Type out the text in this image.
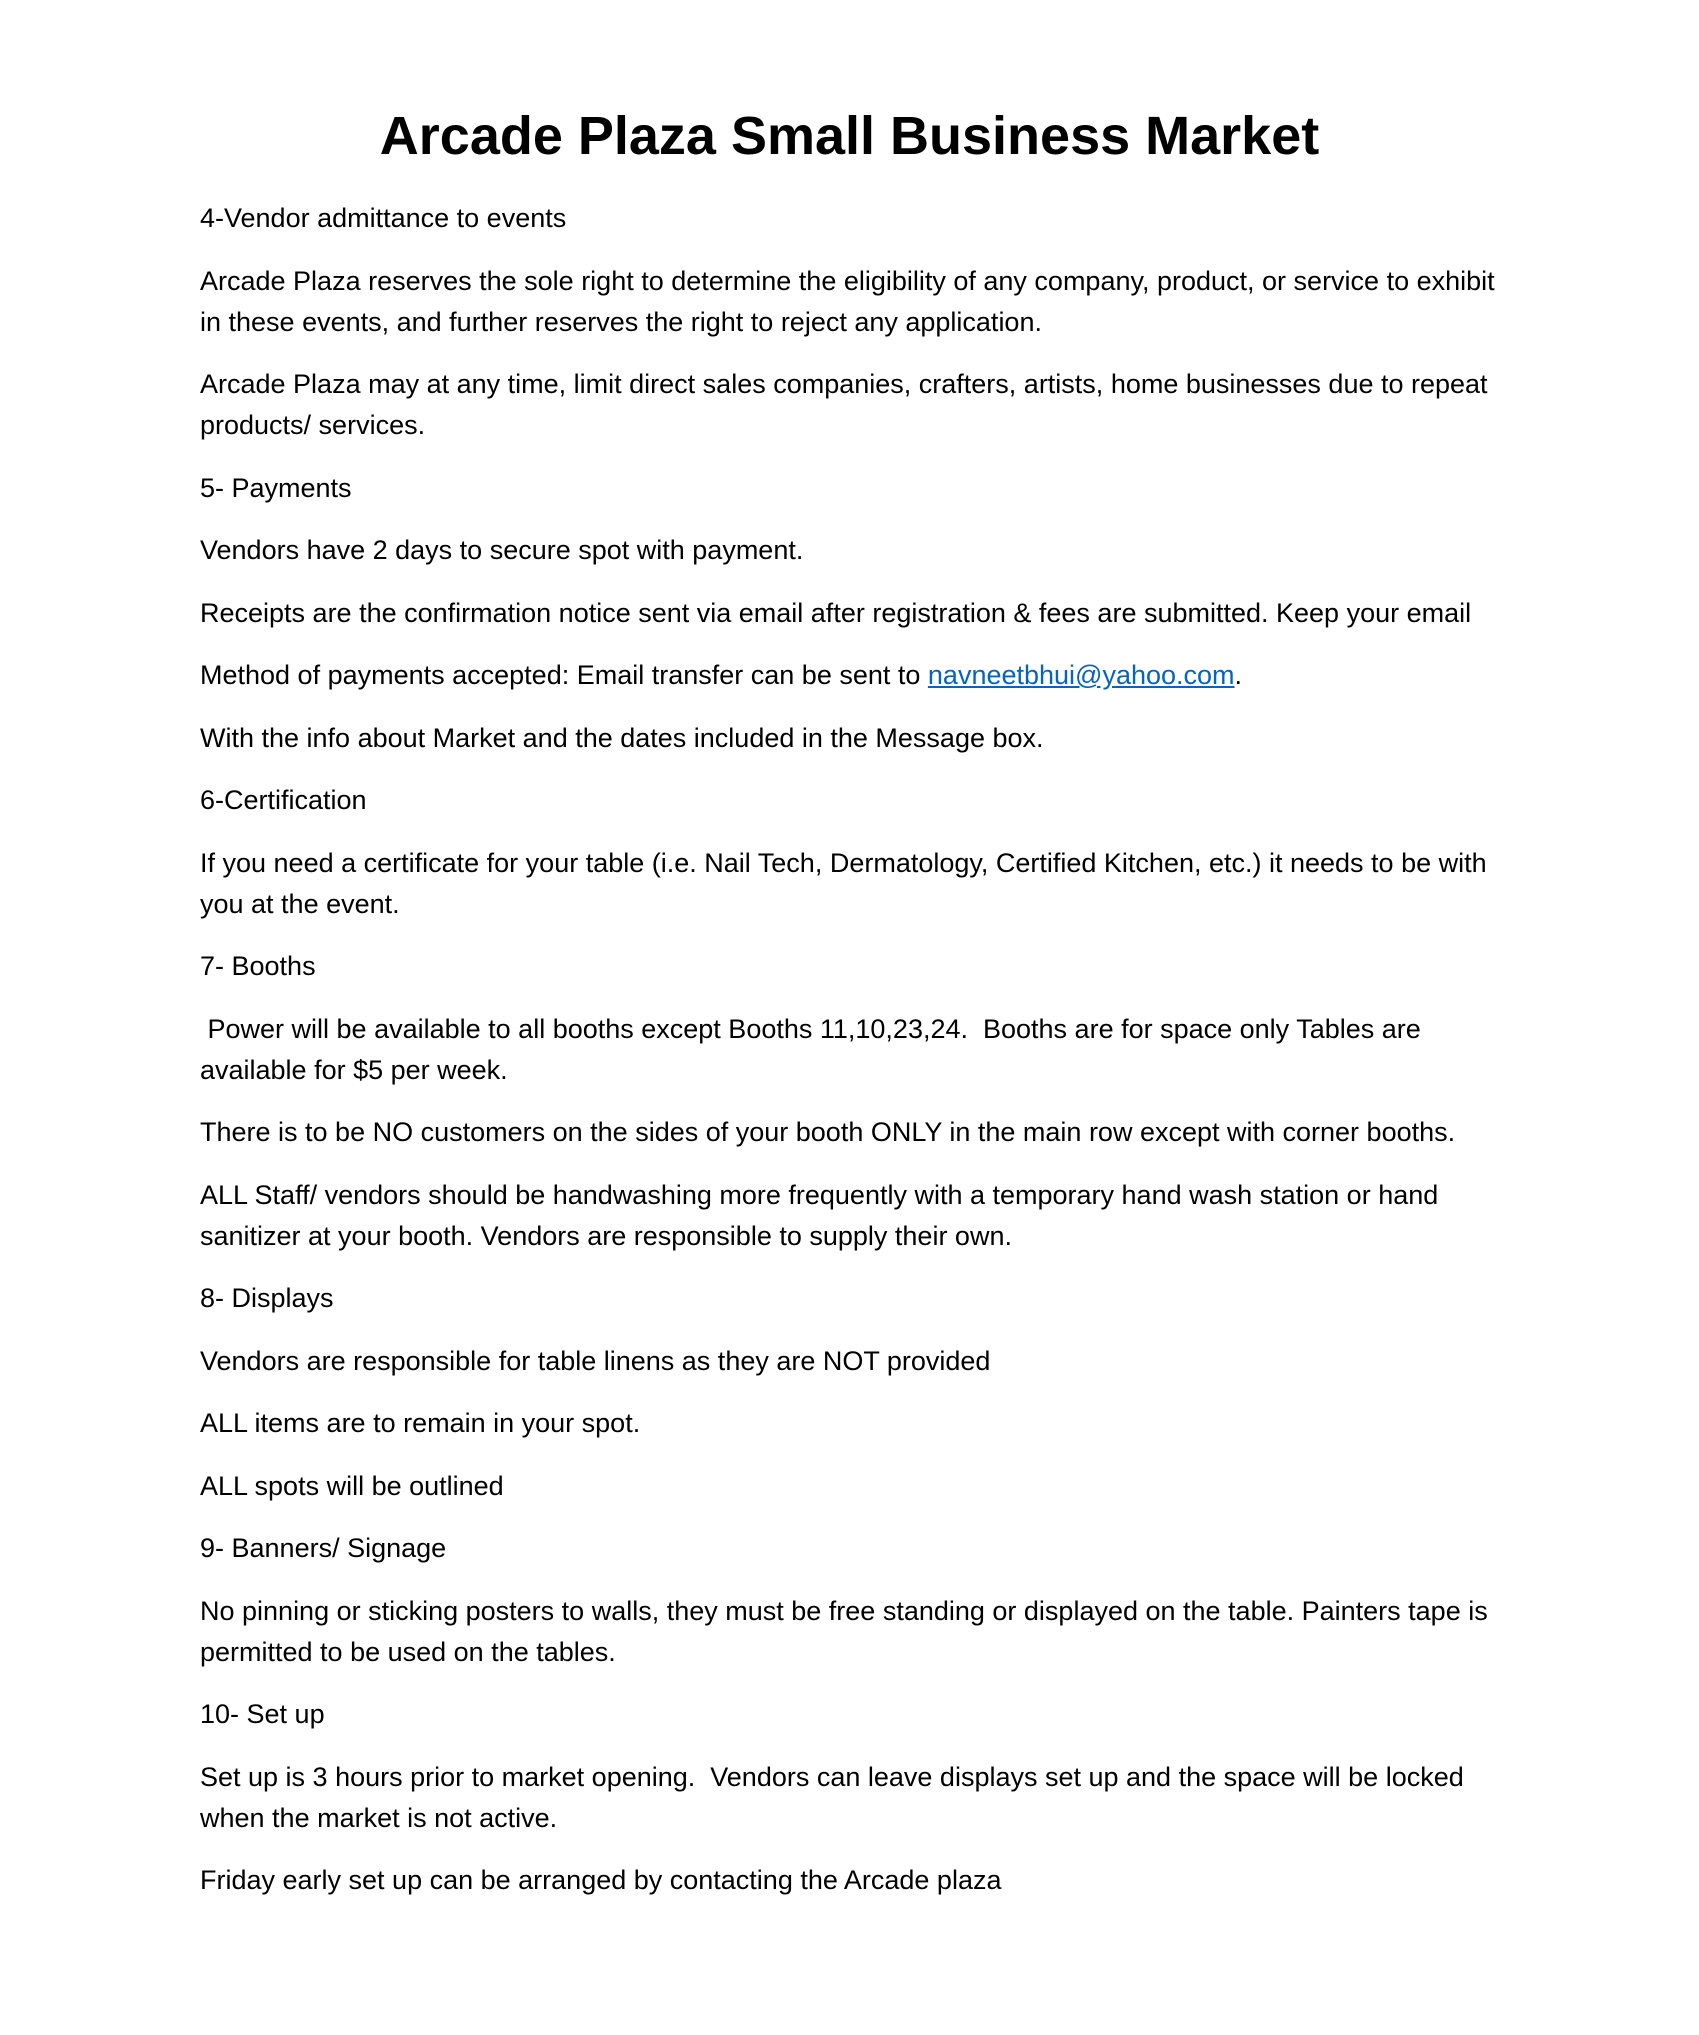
Arcade Plaza Small Business Market

4-Vendor admittance to events

Arcade Plaza reserves the sole right to determine the eligibility of any company, product, or service to exhibit in these events, and further reserves the right to reject any application.

Arcade Plaza may at any time, limit direct sales companies, crafters, artists, home businesses due to repeat products/ services.

5- Payments

Vendors have 2 days to secure spot with payment.

Receipts are the confirmation notice sent via email after registration & fees are submitted. Keep your email

Method of payments accepted: Email transfer can be sent to navneetbhui@yahoo.com.

With the info about Market and the dates included in the Message box.

6-Certification

If you need a certificate for your table (i.e. Nail Tech, Dermatology, Certified Kitchen, etc.) it needs to be with you at the event.

7- Booths

Power will be available to all booths except Booths 11,10,23,24.  Booths are for space only Tables are available for $5 per week.

There is to be NO customers on the sides of your booth ONLY in the main row except with corner booths.

ALL Staff/ vendors should be handwashing more frequently with a temporary hand wash station or hand sanitizer at your booth. Vendors are responsible to supply their own.

8- Displays

Vendors are responsible for table linens as they are NOT provided

ALL items are to remain in your spot.

ALL spots will be outlined

9- Banners/ Signage

No pinning or sticking posters to walls, they must be free standing or displayed on the table. Painters tape is permitted to be used on the tables.

10- Set up

Set up is 3 hours prior to market opening.  Vendors can leave displays set up and the space will be locked when the market is not active.

Friday early set up can be arranged by contacting the Arcade plaza
